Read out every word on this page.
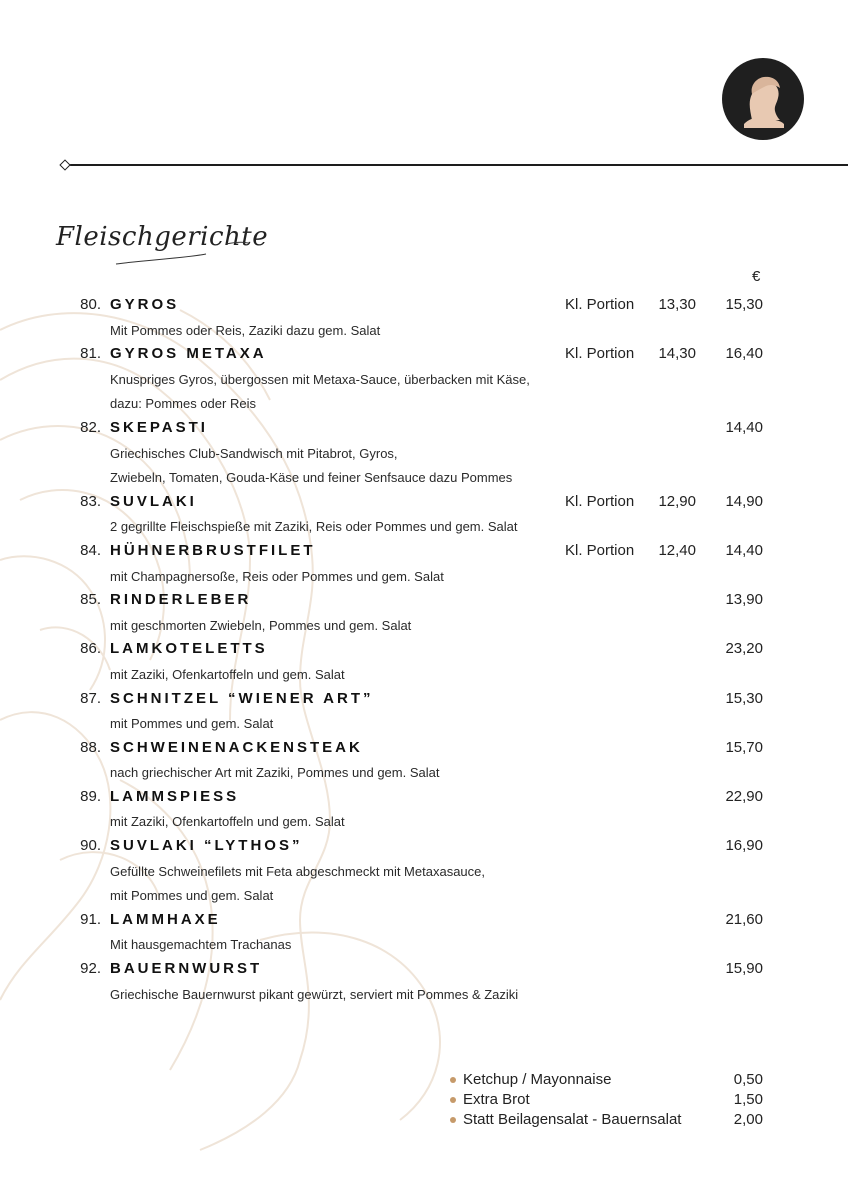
Fleischgerichte
€
80. GYROS	Kl. Portion	13,30	15,30
Mit Pommes oder Reis, Zaziki dazu gem. Salat
81. GYROS METAXA	Kl. Portion	14,30	16,40
Knuspriges Gyros, übergossen mit Metaxa-Sauce, überbacken mit Käse,
dazu: Pommes oder Reis
82. SKEPASTI	14,40
Griechisches Club-Sandwisch mit Pitabrot, Gyros,
Zwiebeln, Tomaten, Gouda-Käse und feiner Senfsauce dazu Pommes
83. SUVLAKI	Kl. Portion	12,90	14,90
2 gegrillte Fleischspieße mit Zaziki, Reis oder Pommes und gem. Salat
84. HÜHNERBRUSTFILET	Kl. Portion	12,40	14,40
mit Champagnersoße, Reis oder Pommes und gem. Salat
85. RINDERLEBER	13,90
mit geschmorten Zwiebeln, Pommes und gem. Salat
86. LAMKOTELETTS	23,20
mit Zaziki, Ofenkartoffeln und gem. Salat
87. SCHNITZEL “WIENER ART”	15,30
mit Pommes und gem. Salat
88. SCHWEINENACKENSTEAK	15,70
nach griechischer Art mit Zaziki, Pommes und gem. Salat
89. LAMMSPIESS	22,90
mit Zaziki, Ofenkartoffeln und gem. Salat
90. SUVLAKI “LYTHOS”	16,90
Gefüllte Schweinefilets mit Feta abgeschmeckt mit Metaxasauce,
mit Pommes und gem. Salat
91. LAMMHAXE	21,60
Mit hausgemachtem Trachanas
92. BAUERNWURST	15,90
Griechische Bauernwurst pikant gewürzt, serviert mit Pommes & Zaziki
Ketchup / Mayonnaise	0,50
Extra Brot	1,50
Statt Beilagensalat - Bauernsalat	2,00
